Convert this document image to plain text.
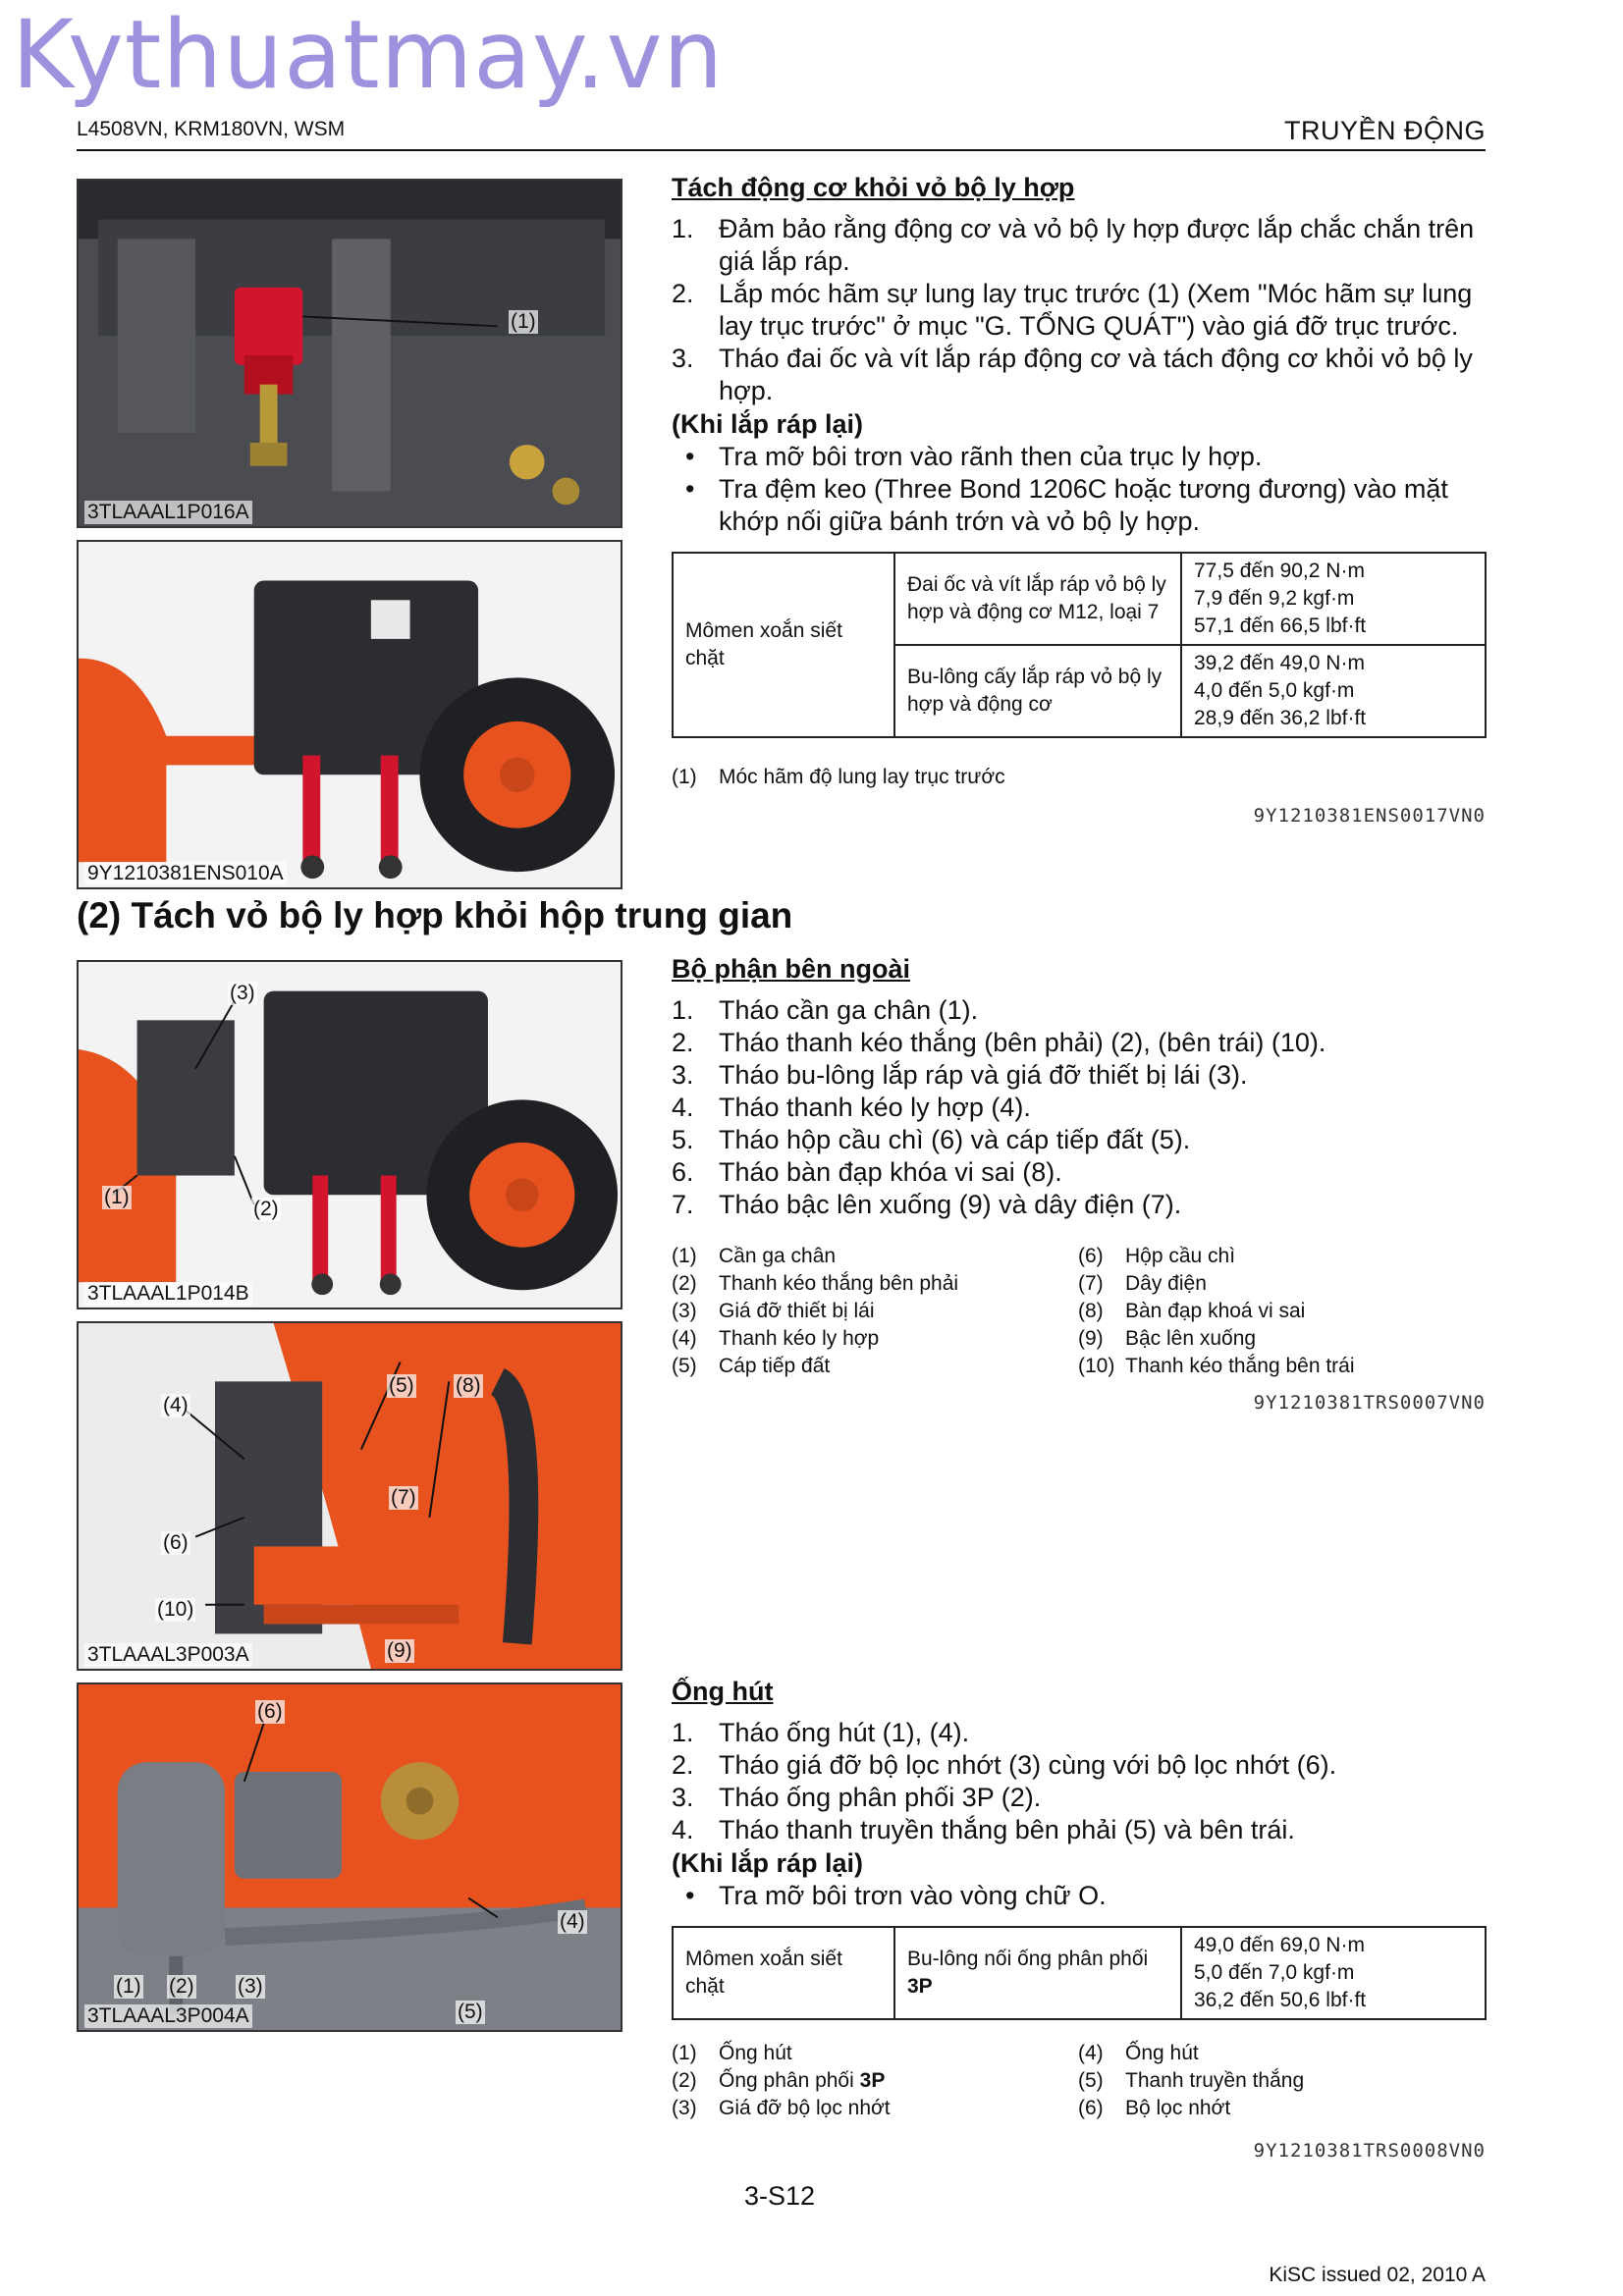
Kythuatmay.vn
L4508VN, KRM180VN, WSM	TRUYỀN ĐỘNG
(1)
3TLAAAL1P016A
9Y1210381ENS010A
Tách động cơ khỏi vỏ bộ ly hợp
1. Đảm bảo rằng động cơ và vỏ bộ ly hợp được lắp chắc chắn trên giá lắp ráp.
2. Lắp móc hãm sự lung lay trục trước (1) (Xem "Móc hãm sự lung lay trục trước" ở mục "G. TỔNG QUÁT") vào giá đỡ trục trước.
3. Tháo đai ốc và vít lắp ráp động cơ và tách động cơ khỏi vỏ bộ ly hợp.
(Khi lắp ráp lại)
• Tra mỡ bôi trơn vào rãnh then của trục ly hợp.
• Tra đệm keo (Three Bond 1206C hoặc tương đương) vào mặt khớp nối giữa bánh trớn và vỏ bộ ly hợp.
Mômen xoắn siết chặt	Đai ốc và vít lắp ráp vỏ bộ ly hợp và động cơ M12, loại 7	77,5 đến 90,2 N·m
7,9 đến 9,2 kgf·m
57,1 đến 66,5 lbf·ft

	Bu-lông cấy lắp ráp vỏ bộ ly hợp và động cơ	39,2 đến 49,0 N·m
4,0 đến 5,0 kgf·m
28,9 đến 36,2 lbf·ft
(1) Móc hãm độ lung lay trục trước
9Y1210381ENS0017VN0
(2) Tách vỏ bộ ly hợp khỏi hộp trung gian
(3)
(1)
(2)
3TLAAAL1P014B
(4)
(5) (8)
(7)
(6)
(10)
(9)
3TLAAAL3P003A
(6)
(4)
(1) (2) (3)
(5)
3TLAAAL3P004A
Bộ phận bên ngoài
1. Tháo cần ga chân (1).
2. Tháo thanh kéo thắng (bên phải) (2), (bên trái) (10).
3. Tháo bu-lông lắp ráp và giá đỡ thiết bị lái (3).
4. Tháo thanh kéo ly hợp (4).
5. Tháo hộp cầu chì (6) và cáp tiếp đất (5).
6. Tháo bàn đạp khóa vi sai (8).
7. Tháo bậc lên xuống (9) và dây điện (7).
(1) Cần ga chân
(2) Thanh kéo thắng bên phải
(3) Giá đỡ thiết bị lái
(4) Thanh kéo ly hợp
(5) Cáp tiếp đất
(6) Hộp cầu chì
(7) Dây điện
(8) Bàn đạp khoá vi sai
(9) Bậc lên xuống
(10) Thanh kéo thắng bên trái
9Y1210381TRS0007VN0
Ống hút
1. Tháo ống hút (1), (4).
2. Tháo giá đỡ bộ lọc nhớt (3) cùng với bộ lọc nhớt (6).
3. Tháo ống phân phối 3P (2).
4. Tháo thanh truyền thắng bên phải (5) và bên trái.
(Khi lắp ráp lại)
• Tra mỡ bôi trơn vào vòng chữ O.
Mômen xoắn siết chặt	Bu-lông nối ống phân phối
3P	
49,0 đến 69,0 N·m
5,0 đến 7,0 kgf·m
36,2 đến 50,6 lbf·ft
(1) Ống hút
(2) Ống phân phối 3P
(3) Giá đỡ bộ lọc nhớt
(4) Ống hút
(5) Thanh truyền thắng
(6) Bộ lọc nhớt
9Y1210381TRS0008VN0
3-S12
KiSC issued 02, 2010 A
